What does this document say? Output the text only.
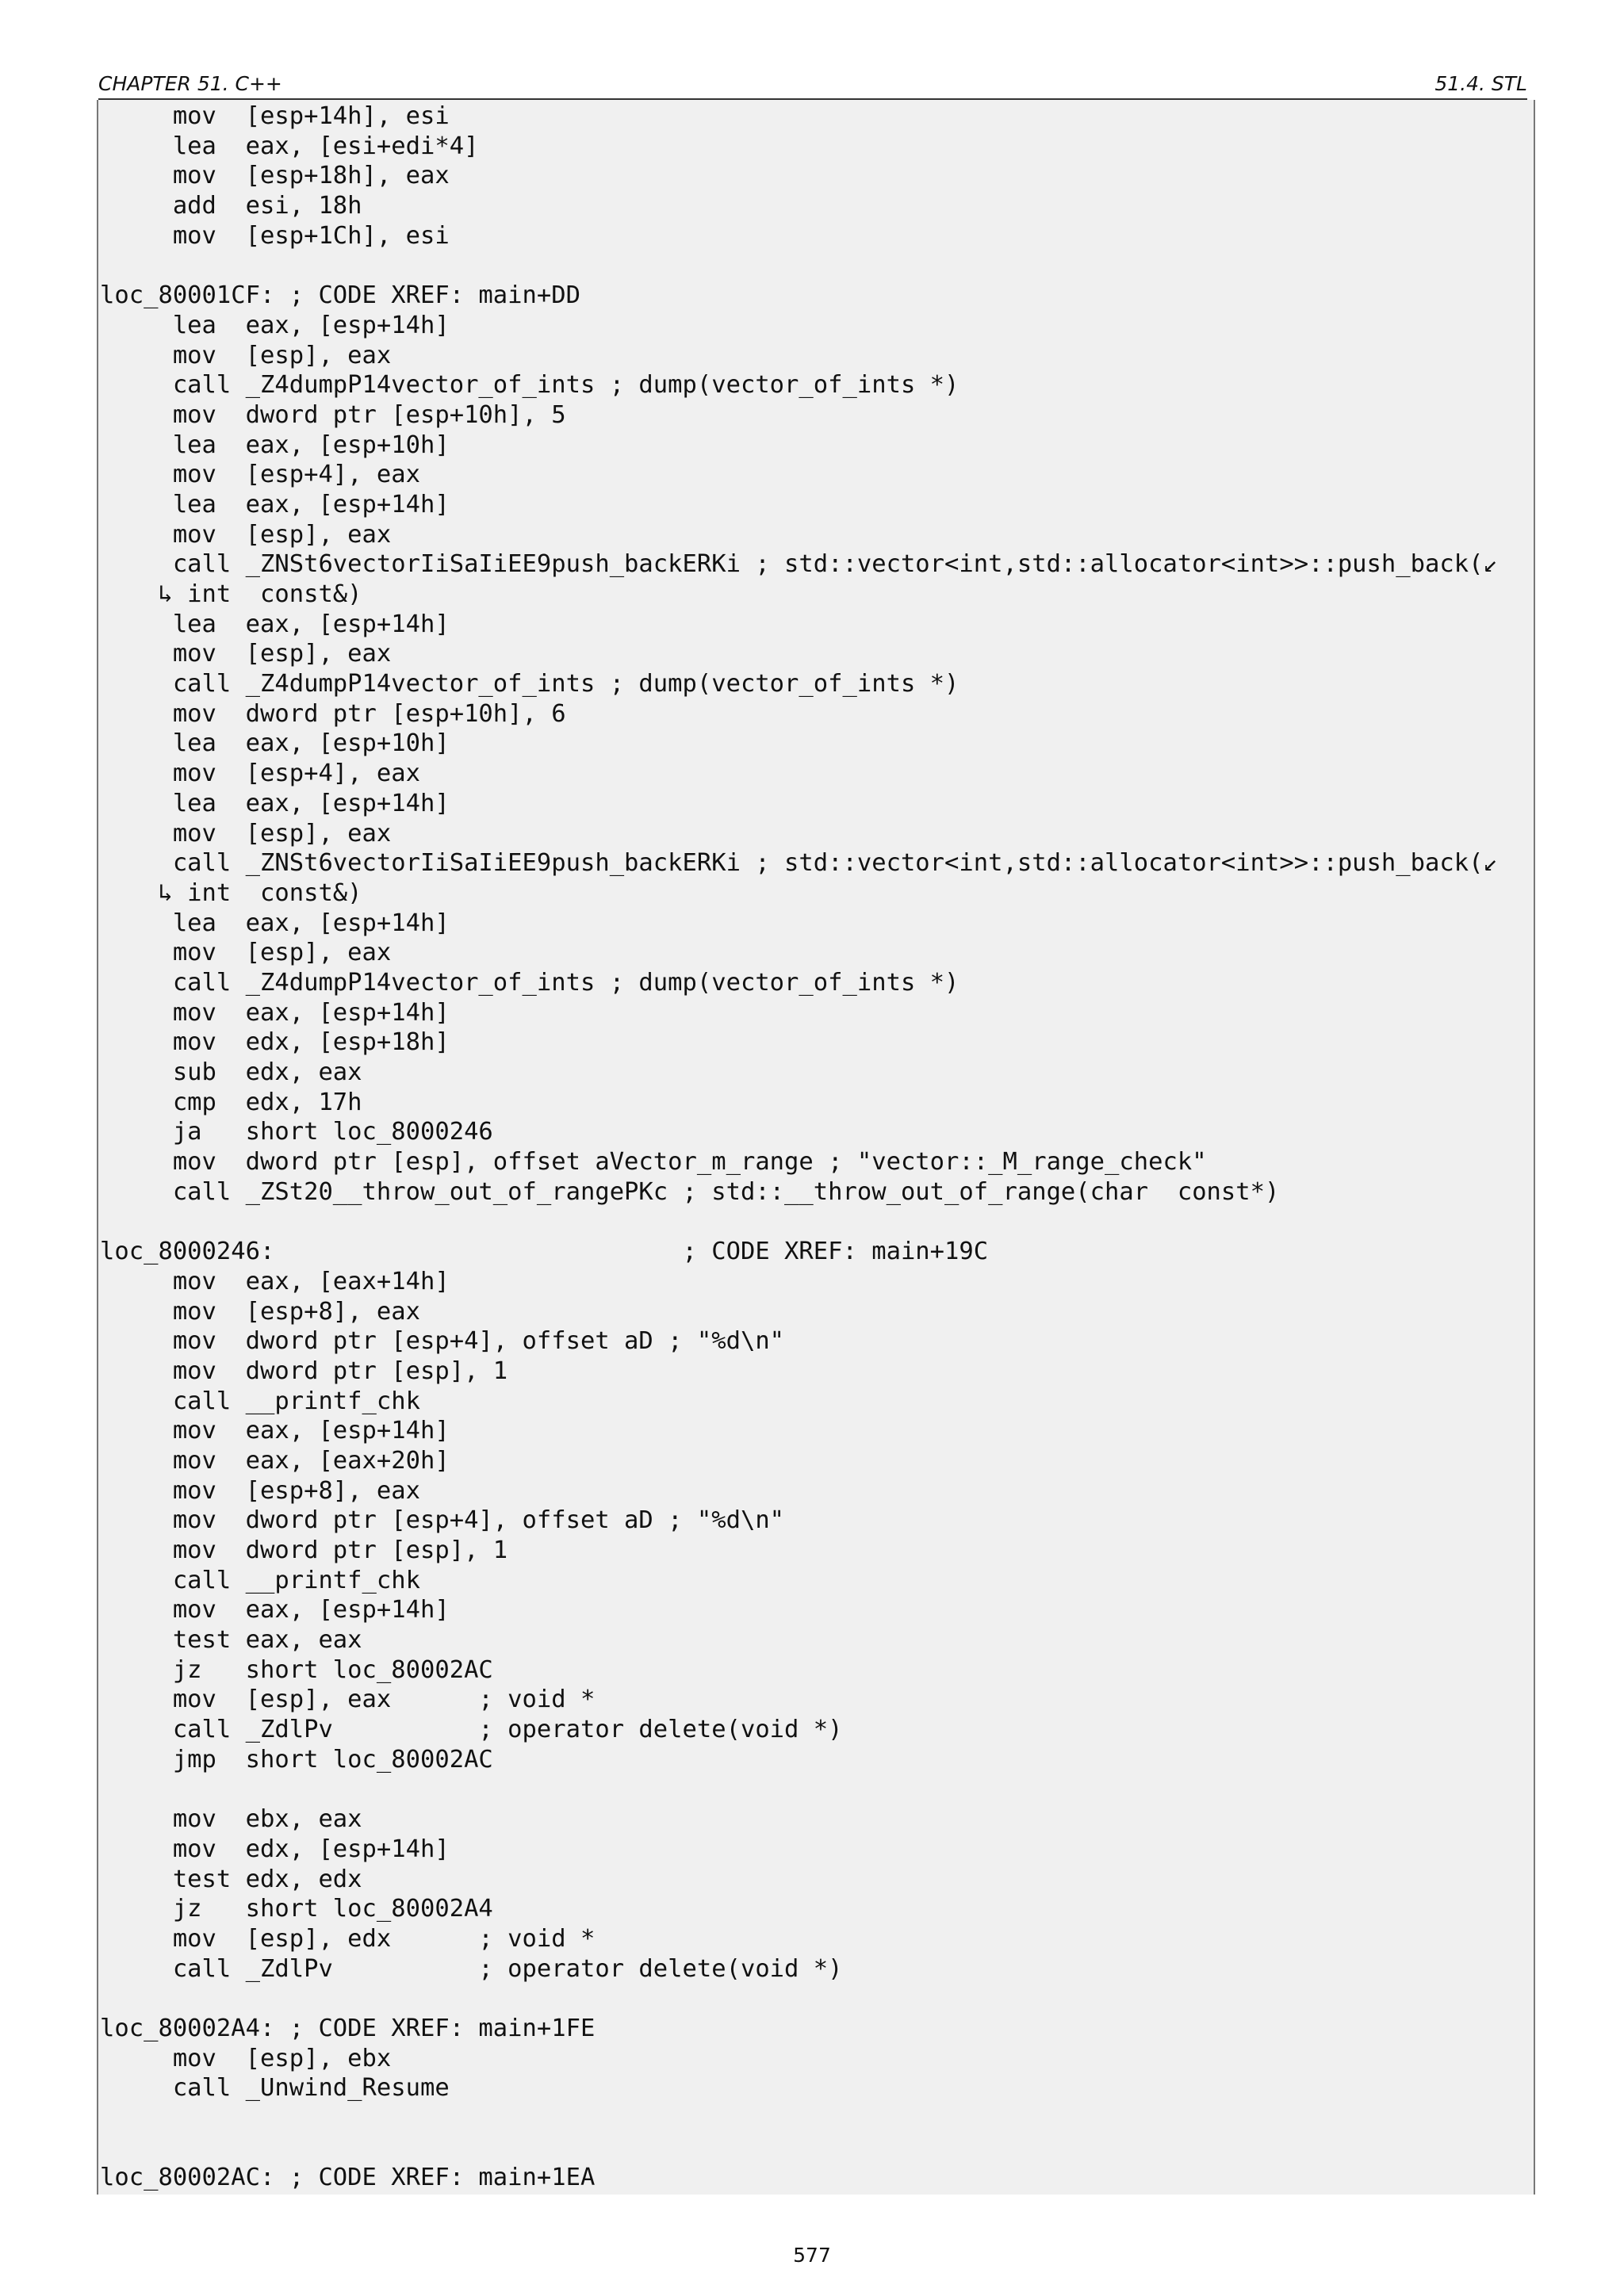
CHAPTER 51. C++	51.4. STL
mov  [esp+14h], esi
lea  eax, [esi+edi*4]
mov  [esp+18h], eax
add  esi, 18h
mov  [esp+1Ch], esi
loc_80001CF: ; CODE XREF: main+DD
lea  eax, [esp+14h]
mov  [esp], eax
call _Z4dumpP14vector_of_ints ; dump(vector_of_ints *)
mov  dword ptr [esp+10h], 5
lea  eax, [esp+10h]
mov  [esp+4], eax
lea  eax, [esp+14h]
mov  [esp], eax
call _ZNSt6vectorIiSaIiEE9push_backERKi ; std::vector<int,std::allocator<int>>::push_back(↙
↳ int  const&)
lea  eax, [esp+14h]
mov  [esp], eax
call _Z4dumpP14vector_of_ints ; dump(vector_of_ints *)
mov  dword ptr [esp+10h], 6
lea  eax, [esp+10h]
mov  [esp+4], eax
lea  eax, [esp+14h]
mov  [esp], eax
call _ZNSt6vectorIiSaIiEE9push_backERKi ; std::vector<int,std::allocator<int>>::push_back(↙
↳ int  const&)
lea  eax, [esp+14h]
mov  [esp], eax
call _Z4dumpP14vector_of_ints ; dump(vector_of_ints *)
mov  eax, [esp+14h]
mov  edx, [esp+18h]
sub  edx, eax
cmp  edx, 17h
ja   short loc_8000246
mov  dword ptr [esp], offset aVector_m_range ; "vector::_M_range_check"
call _ZSt20__throw_out_of_rangePKc ; std::__throw_out_of_range(char  const*)
loc_8000246:                            ; CODE XREF: main+19C
mov  eax, [eax+14h]
mov  [esp+8], eax
mov  dword ptr [esp+4], offset aD ; "%d\n"
mov  dword ptr [esp], 1
call __printf_chk
mov  eax, [esp+14h]
mov  eax, [eax+20h]
mov  [esp+8], eax
mov  dword ptr [esp+4], offset aD ; "%d\n"
mov  dword ptr [esp], 1
call __printf_chk
mov  eax, [esp+14h]
test eax, eax
jz   short loc_80002AC
mov  [esp], eax      ; void *
call _ZdlPv          ; operator delete(void *)
jmp  short loc_80002AC
mov  ebx, eax
mov  edx, [esp+14h]
test edx, edx
jz   short loc_80002A4
mov  [esp], edx      ; void *
call _ZdlPv          ; operator delete(void *)
loc_80002A4: ; CODE XREF: main+1FE
mov  [esp], ebx
call _Unwind_Resume
loc_80002AC: ; CODE XREF: main+1EA
577
